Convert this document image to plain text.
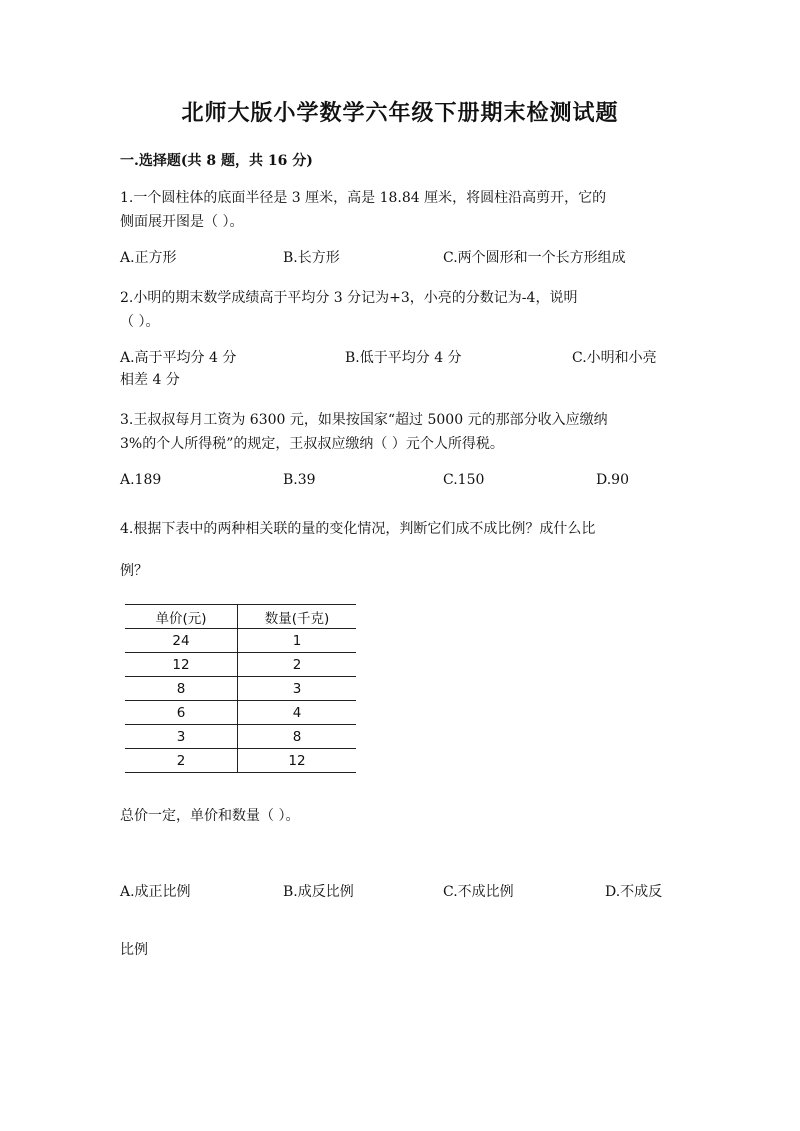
北师大版小学数学六年级下册期末检测试题
一.选择题(共 8 题，共 16 分)
1.一个圆柱体的底面半径是 3 厘米，高是 18.84 厘米，将圆柱沿高剪开，它的
侧面展开图是（ ）。
A.正方形	B.长方形	C.两个圆形和一个长方形组成
2.小明的期末数学成绩高于平均分 3 分记为+3，小亮的分数记为-4，说明
（ ）。
A.高于平均分 4 分	B.低于平均分 4 分	C.小明和小亮
相差 4 分
3.王叔叔每月工资为 6300 元，如果按国家“超过 5000 元的那部分收入应缴纳
3%的个人所得税”的规定，王叔叔应缴纳（ ）元个人所得税。
A.189	B.39	C.150	D.90
4.根据下表中的两种相关联的量的变化情况，判断它们成不成比例？成什么比
例？
单价(元)	数量(千克)
24	1
12	2
8	3
6	4
3	8
2	12
总价一定，单价和数量（ ）。
A.成正比例	B.成反比例	C.不成比例	D.不成反
比例
